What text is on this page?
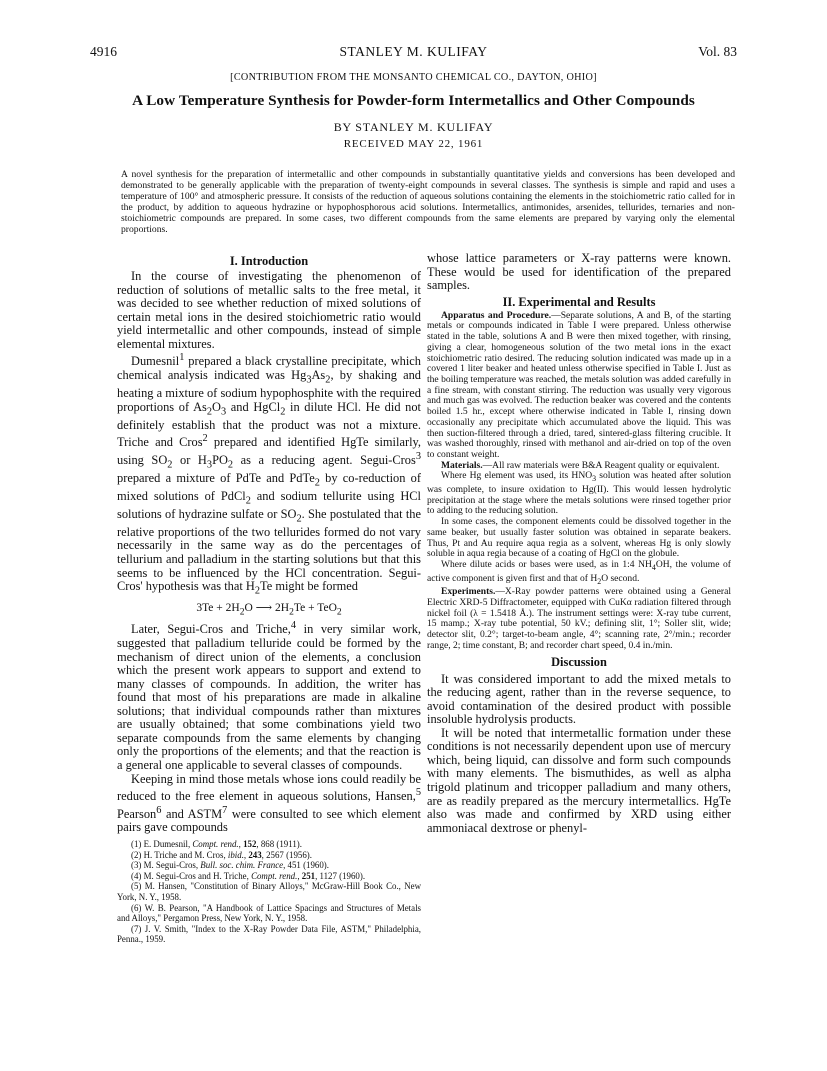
4916	STANLEY M. KULIFAY	Vol. 83
[CONTRIBUTION FROM THE MONSANTO CHEMICAL CO., DAYTON, OHIO]
A Low Temperature Synthesis for Powder-form Intermetallics and Other Compounds
BY STANLEY M. KULIFAY
RECEIVED MAY 22, 1961

A novel synthesis for the preparation of intermetallic and other compounds in substantially quantitative yields and conversions has been developed and demonstrated to be generally applicable with the preparation of twenty-eight compounds in several classes. The synthesis is simple and rapid and uses a temperature of 100° and atmospheric pressure. It consists of the reduction of aqueous solutions containing the elements in the stoichiometric ratio called for in the product, by addition to aqueous hydrazine or hypophosphorous acid solutions. Intermetallics, antimonides, arsenides, tellurides, ternaries and non-stoichiometric compounds are prepared. In some cases, two different compounds from the same elements are prepared by varying only the elemental proportions.

I. Introduction

In the course of investigating the phenomenon of reduction of solutions of metallic salts to the free metal, it was decided to see whether reduction of mixed solutions of certain metal ions in the desired stoichiometric ratio would yield intermetallic and other compounds, instead of simple elemental mixtures.

Dumesnil$^1$ prepared a black crystalline precipitate, which chemical analysis indicated was $Hg_3As_2$, by shaking and heating a mixture of sodium hypophosphite with the required proportions of $As_2O_3$ and HgCl$_2$ in dilute HCl. He did not definitely establish that the product was not a mixture. Triche and Cros$^2$ prepared and identified HgTe similarly, using $SO_2$ or $H_3PO_2$ as a reducing agent. Segui-Cros$^3$ prepared a mixture of PdTe and PdTe$_2$ by co-reduction of mixed solutions of PdCl$_2$ and sodium tellurite using HCl solutions of hydrazine sulfate or $SO_2$. She postulated that the relative proportions of the two tellurides formed do not vary necessarily in the same way as do the percentages of tellurium and palladium in the starting solutions but that this seems to be influenced by the HCl concentration. Segui-Cros' hypothesis was that $H_2Te$ might be formed

$3Te + 2H_2O$ ⟶ $2H_2Te + TeO_2$

Later, Segui-Cros and Triche,$^4$ in very similar work, suggested that palladium telluride could be formed by the mechanism of direct union of the elements, a conclusion which the present work appears to support and extend to many classes of compounds. In addition, the writer has found that most of his preparations are made in alkaline solutions; that individual compounds rather than mixtures are usually obtained; that some combinations yield two separate compounds from the same elements by changing only the proportions of the elements; and that the reaction is a general one applicable to several classes of compounds.

Keeping in mind those metals whose ions could readily be reduced to the free element in aqueous solutions, Hansen,$^5$ Pearson$^6$ and ASTM$^7$ were consulted to see which element pairs gave compounds

(1) E. Dumesnil, Compt. rend., 152, 868 (1911).

(2) H. Triche and M. Cros, ibid., 243, 2567 (1956).

(3) M. Segui-Cros, Bull. soc. chim. France, 451 (1960).

(4) M. Segui-Cros and H. Triche, Compt. rend., 251, 1127 (1960).

(5) M. Hansen, "Constitution of Binary Alloys," McGraw-Hill Book Co., New York, N. Y., 1958.

(6) W. B. Pearson, "A Handbook of Lattice Spacings and Structures of Metals and Alloys," Pergamon Press, New York, N. Y., 1958.

(7) J. V. Smith, "Index to the X-Ray Powder Data File, ASTM," Philadelphia, Penna., 1959.

whose lattice parameters or X-ray patterns were known. These would be used for identification of the prepared samples.

II. Experimental and Results

Apparatus and Procedure.—Separate solutions, A and B, of the starting metals or compounds indicated in Table I were prepared. Unless otherwise stated in the table, solutions A and B were then mixed together, with rinsing, giving a clear, homogeneous solution of the two metal ions in the exact stoichiometric ratio desired. The reducing solution indicated was made up in a covered 1 liter beaker and heated unless otherwise specified in Table I. Just as the boiling temperature was reached, the metals solution was added carefully in a fine stream, with constant stirring. The reduction was usually very vigorous and much gas was evolved. The reduction beaker was covered and the contents boiled 1.5 hr., except where otherwise indicated in Table I, rinsing down occasionally any precipitate which accumulated above the liquid. This was then suction-filtered through a dried, tared, sintered-glass filtering crucible. It was washed thoroughly, rinsed with methanol and air-dried on top of the oven to constant weight.

Materials.—All raw materials were B&A Reagent quality or equivalent.

Where Hg element was used, its $HNO_3$ solution was heated after solution was complete, to insure oxidation to Hg(II). This would lessen hydrolytic precipitation at the stage where the metals solutions were rinsed together prior to adding to the reducing solution.

In some cases, the component elements could be dissolved together in the same beaker, but usually faster solution was obtained in separate beakers. Thus, Pt and Au require aqua regia as a solvent, whereas Hg is only slowly soluble in aqua regia because of a coating of HgCl on the globule.

Where dilute acids or bases were used, as in 1:4 $NH_4OH$, the volume of active component is given first and that of $H_2O$ second.

Experiments.—X-Ray powder patterns were obtained using a General Electric XRD-5 Diffractometer, equipped with CuKα radiation filtered through nickel foil (λ = 1.5418 Å.). The instrument settings were: X-ray tube current, 15 mamp.; X-ray tube potential, 50 kV.; defining slit, 1°; Soller slit, wide; detector slit, 0.2°; target-to-beam angle, 4°; scanning rate, 2°/min.; recorder range, 2; time constant, B; and recorder chart speed, 0.4 in./min.

Discussion

It was considered important to add the mixed metals to the reducing agent, rather than in the reverse sequence, to avoid contamination of the desired product with possible insoluble hydrolysis products.

It will be noted that intermetallic formation under these conditions is not necessarily dependent upon use of mercury which, being liquid, can dissolve and form such compounds with many elements. The bismuthides, as well as alpha trigold platinum and tricopper palladium and many others, are as readily prepared as the mercury intermetallics. HgTe also was made and confirmed by XRD using either ammoniacal dextrose or phenyl-
